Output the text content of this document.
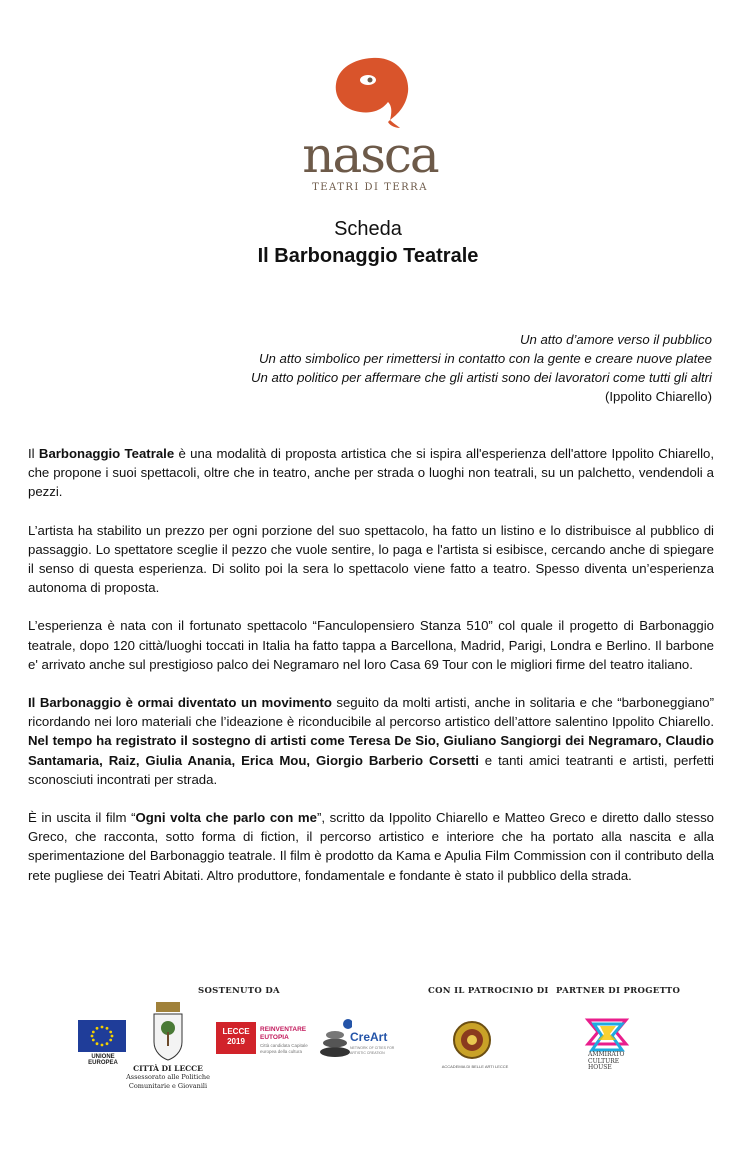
nasca
TEATRI DI TERRA
Scheda
Il Barbonaggio Teatrale
Un atto d’amore verso il pubblico
Un atto simbolico per rimettersi in contatto con la gente e creare nuove platee
Un atto politico per affermare che gli artisti sono dei lavoratori come tutti gli altri
(Ippolito Chiarello)

Il Barbonaggio Teatrale è una modalità di proposta artistica che si ispira all'esperienza dell'attore Ippolito Chiarello, che propone i suoi spettacoli, oltre che in teatro, anche per strada o luoghi non teatrali, su un palchetto, vendendoli a pezzi.

L’artista ha stabilito un prezzo per ogni porzione del suo spettacolo, ha fatto un listino e lo distribuisce al pubblico di passaggio. Lo spettatore sceglie il pezzo che vuole sentire, lo paga e l'artista si esibisce, cercando anche di spiegare il senso di questa esperienza. Di solito poi la sera lo spettacolo viene fatto a teatro. Spesso diventa un’esperienza autonoma di proposta.

L’esperienza è nata con il fortunato spettacolo “Fanculopensiero Stanza 510” col quale il progetto di Barbonaggio teatrale, dopo 120 città/luoghi toccati in Italia ha fatto tappa a Barcellona, Madrid, Parigi, Londra e Berlino. Il barbone e' arrivato anche sul prestigioso palco dei Negramaro nel loro Casa 69 Tour con le migliori firme del teatro italiano.

Il Barbonaggio è ormai diventato un movimento seguito da molti artisti, anche in solitaria e che “barboneggiano” ricordando nei loro materiali che l’ideazione è riconducibile al percorso artistico dell’attore salentino Ippolito Chiarello. Nel tempo ha registrato il sostegno di artisti come Teresa De Sio, Giuliano Sangiorgi dei Negramaro, Claudio Santamaria, Raiz, Giulia Anania, Erica Mou, Giorgio Barberio Corsetti e tanti amici teatranti e artisti, perfetti sconosciuti incontrati per strada.

È in uscita il film “Ogni volta che parlo con me”, scritto da Ippolito Chiarello e Matteo Greco e diretto dallo stesso Greco, che racconta, sotto forma di fiction, il percorso artistico e interiore che ha portato alla nascita e alla sperimentazione del Barbonaggio teatrale. Il film è prodotto da Kama e Apulia Film Commission con il contributo della rete pugliese dei Teatri Abitati. Altro produttore, fondamentale e fondante è stato il pubblico della strada.

SOSTENUTO DA	CON IL PATROCINIO DI PARTNER DI PROGETTO
UNIONE EUROPEA
CITTÀ DI LECCE
Assessorato alle Politiche Comunitarie e Giovanili
LECCE 2019
REINVENTARE EUTOPIA
Città candidata Capitale europea della cultura
CreArt
NETWORK OF CITIES FOR ARTISTIC CREATION
ACCADEMIA DI BELLE ARTI LECCE
AMMIRATO CULTURE HOUSE
